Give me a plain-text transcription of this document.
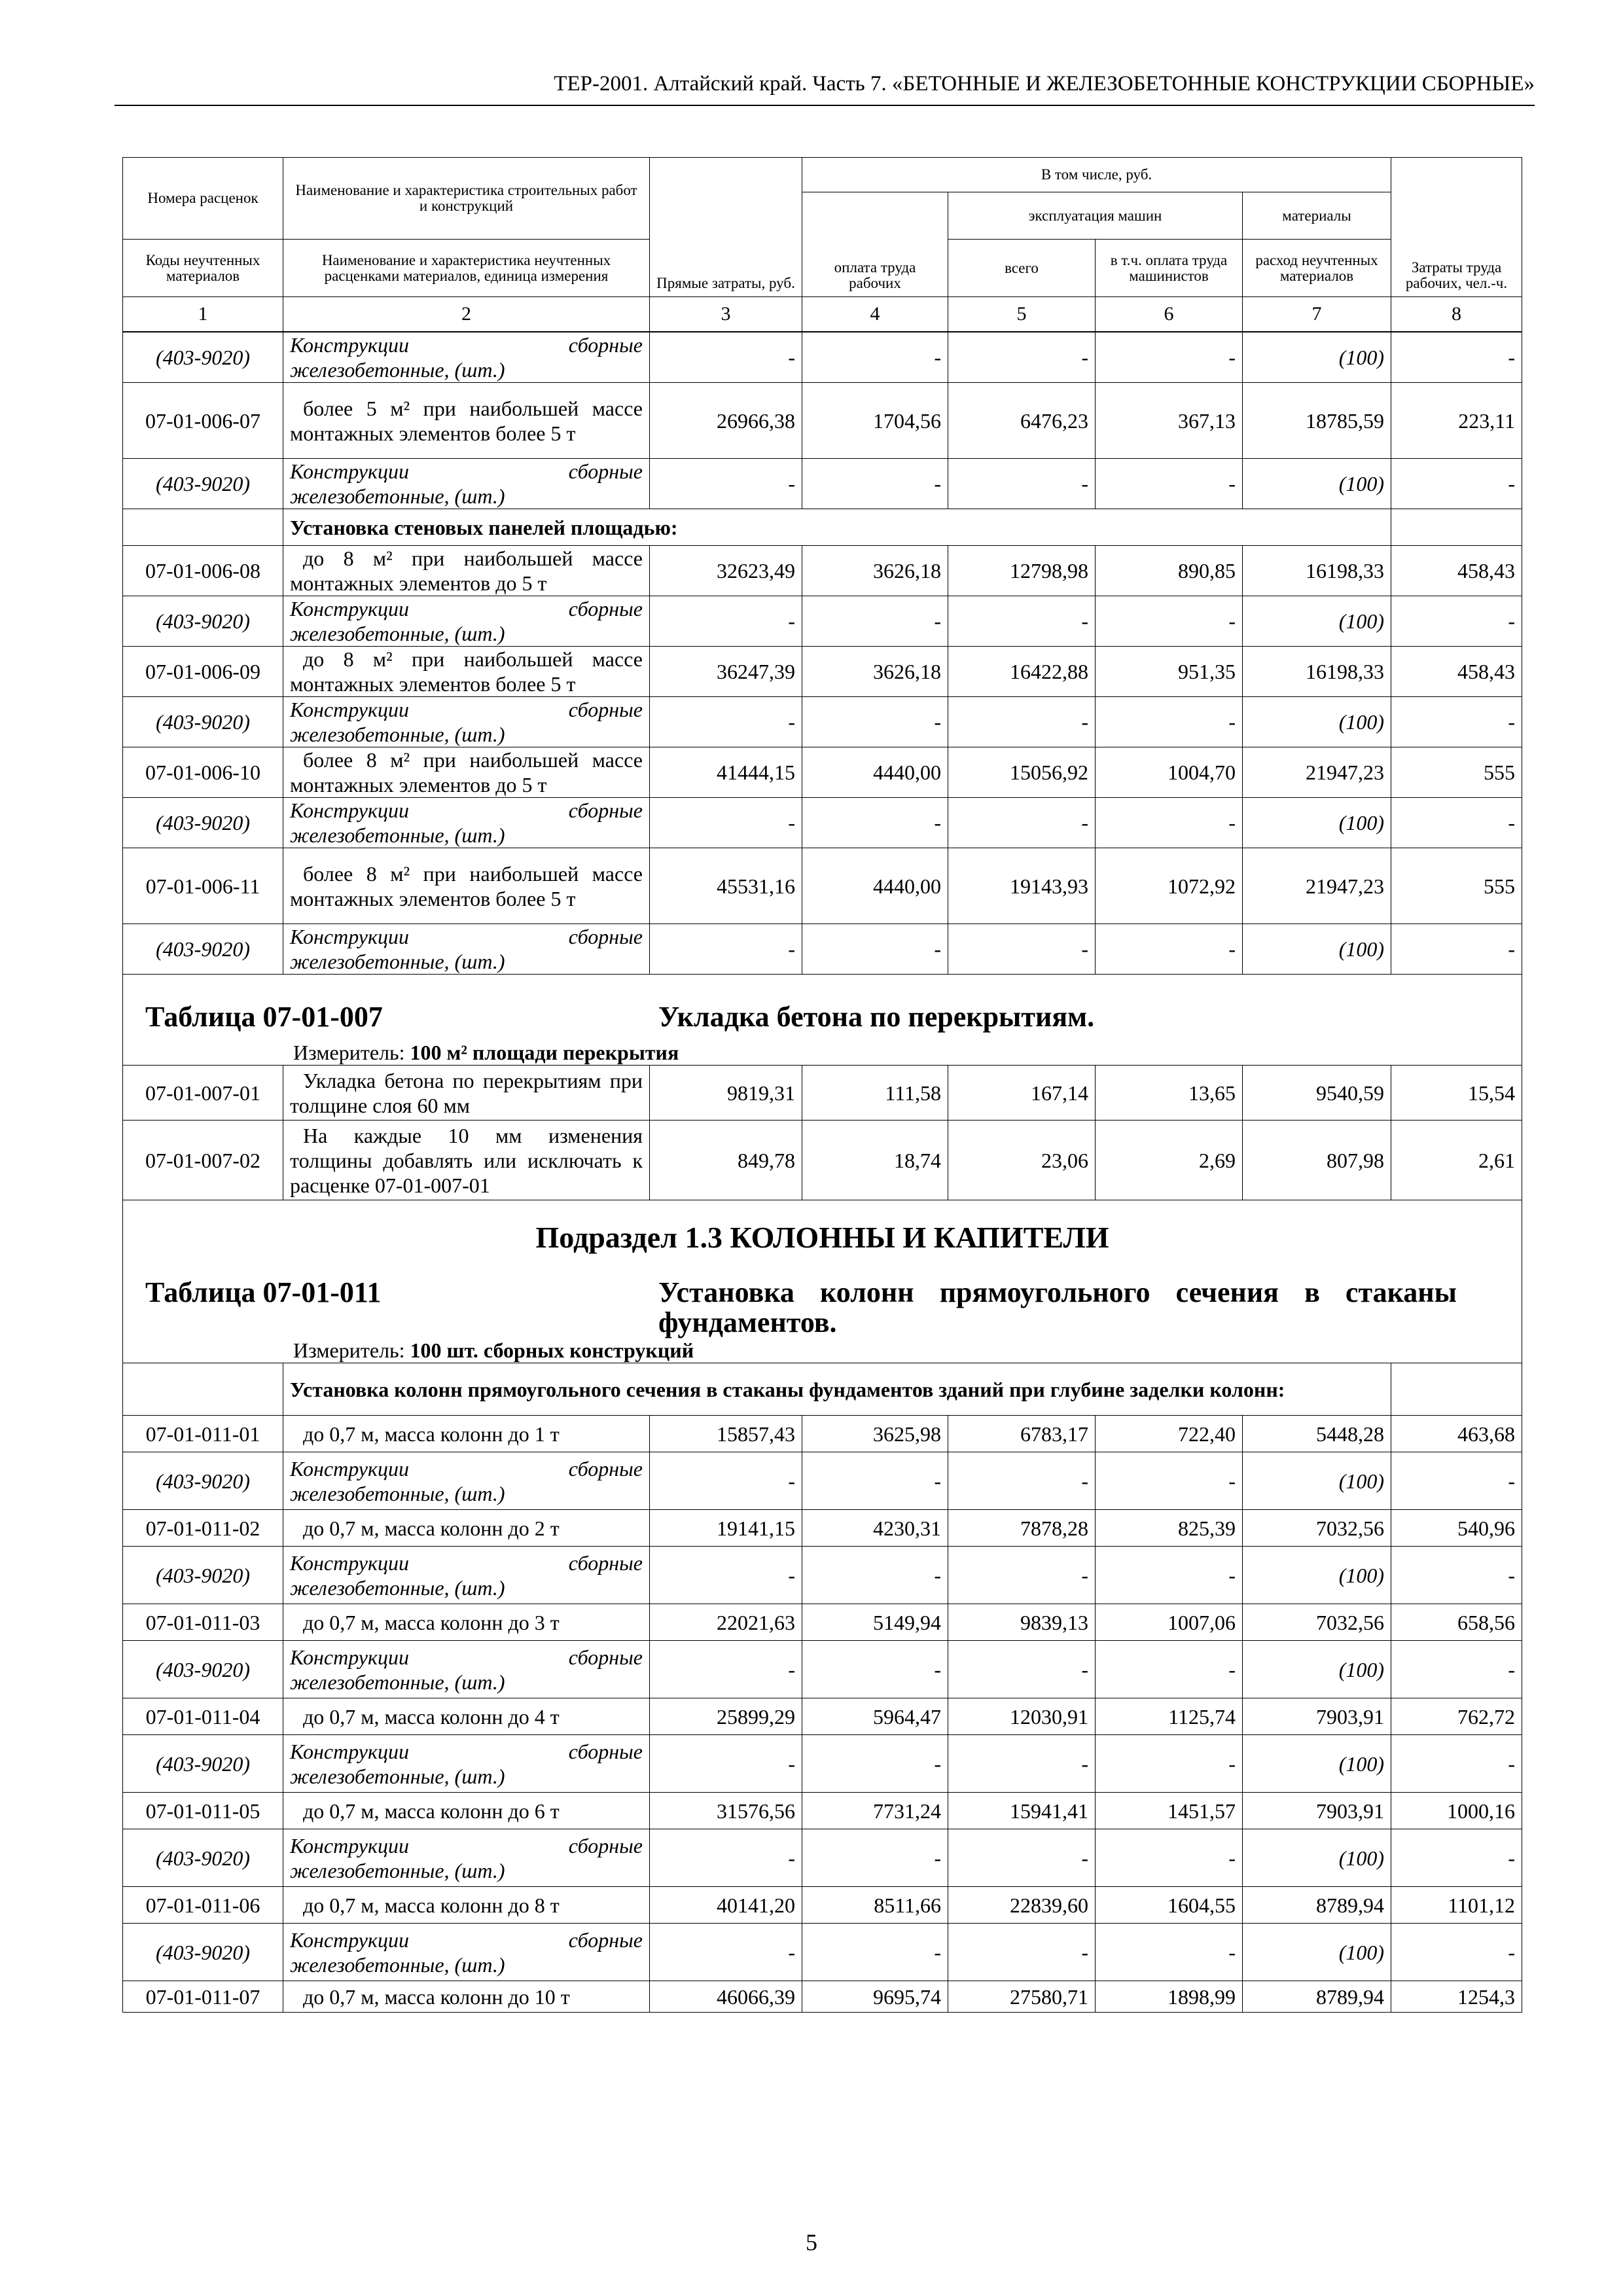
ТЕР-2001. Алтайский край. Часть 7. «БЕТОННЫЕ И ЖЕЛЕЗОБЕТОННЫЕ КОНСТРУКЦИИ СБОРНЫЕ»
Номера расценок	Наименование и характеристика строительных работ и конструкций	Прямые затраты, руб.	В том числе, руб.				Затраты труда рабочих, чел.-ч.
			оплата труда рабочих	эксплуатация машин		материалы	
Коды неучтенных материалов	Наименование и характеристика неучтенных расценками материалов, единица измерения			всего	в т.ч. оплата труда машинистов	расход неучтенных материалов	

1	2	3	4	5	6	7	8
(403-9020)	Конструкции сборные железобетонные, (шт.)	-	-	-	-	(100)	-
07-01-006-07	более 5 м² при наибольшей массе монтажных элементов более 5 т	26966,38	1704,56	6476,23	367,13	18785,59	223,11
(403-9020)	Конструкции сборные железобетонные, (шт.)	-	-	-	-	(100)	-
	Установка стеновых панелей площадью:						
07-01-006-08	до 8 м² при наибольшей массе монтажных элементов до 5 т	32623,49	3626,18	12798,98	890,85	16198,33	458,43
(403-9020)	Конструкции сборные железобетонные, (шт.)	-	-	-	-	(100)	-
07-01-006-09	до 8 м² при наибольшей массе монтажных элементов более 5 т	36247,39	3626,18	16422,88	951,35	16198,33	458,43
(403-9020)	Конструкции сборные железобетонные, (шт.)	-	-	-	-	(100)	-
07-01-006-10	более 8 м² при наибольшей массе монтажных элементов до 5 т	41444,15	4440,00	15056,92	1004,70	21947,23	555
(403-9020)	Конструкции сборные железобетонные, (шт.)	-	-	-	-	(100)	-
07-01-006-11	более 8 м² при наибольшей массе монтажных элементов более 5 т	45531,16	4440,00	19143,93	1072,92	21947,23	555
(403-9020)	Конструкции сборные железобетонные, (шт.)	-	-	-	-	(100)	-

Таблица 07-01-007 Укладка бетона по перекрытиям.
Измеритель: 100 м² площади перекрытия							

07-01-007-01	Укладка бетона по перекрытиям при толщине слоя 60 мм	9819,31	111,58	167,14	13,65	9540,59	15,54
07-01-007-02	На каждые 10 мм изменения толщины добавлять или исключать к расценке 07-01-007-01	849,78	18,74	23,06	2,69	807,98	2,61

Подраздел 1.3 КОЛОННЫ И КАПИТЕЛИ
Таблица 07-01-011 Установка колонн прямоугольного сечения в стаканы фундаментов.
Измеритель: 100 шт. сборных конструкций							

	Установка колонн прямоугольного сечения в стаканы фундаментов зданий при глубине заделки колонн:						
07-01-011-01	до 0,7 м, масса колонн до 1 т	15857,43	3625,98	6783,17	722,40	5448,28	463,68
(403-9020)	Конструкции сборные железобетонные, (шт.)	-	-	-	-	(100)	-
07-01-011-02	до 0,7 м, масса колонн до 2 т	19141,15	4230,31	7878,28	825,39	7032,56	540,96
(403-9020)	Конструкции сборные железобетонные, (шт.)	-	-	-	-	(100)	-
07-01-011-03	до 0,7 м, масса колонн до 3 т	22021,63	5149,94	9839,13	1007,06	7032,56	658,56
(403-9020)	Конструкции сборные железобетонные, (шт.)	-	-	-	-	(100)	-
07-01-011-04	до 0,7 м, масса колонн до 4 т	25899,29	5964,47	12030,91	1125,74	7903,91	762,72
(403-9020)	Конструкции сборные железобетонные, (шт.)	-	-	-	-	(100)	-
07-01-011-05	до 0,7 м, масса колонн до 6 т	31576,56	7731,24	15941,41	1451,57	7903,91	1000,16
(403-9020)	Конструкции сборные железобетонные, (шт.)	-	-	-	-	(100)	-
07-01-011-06	до 0,7 м, масса колонн до 8 т	40141,20	8511,66	22839,60	1604,55	8789,94	1101,12
(403-9020)	Конструкции сборные железобетонные, (шт.)	-	-	-	-	(100)	-
07-01-011-07	до 0,7 м, масса колонн до 10 т	46066,39	9695,74	27580,71	1898,99	8789,94	1254,3
5
